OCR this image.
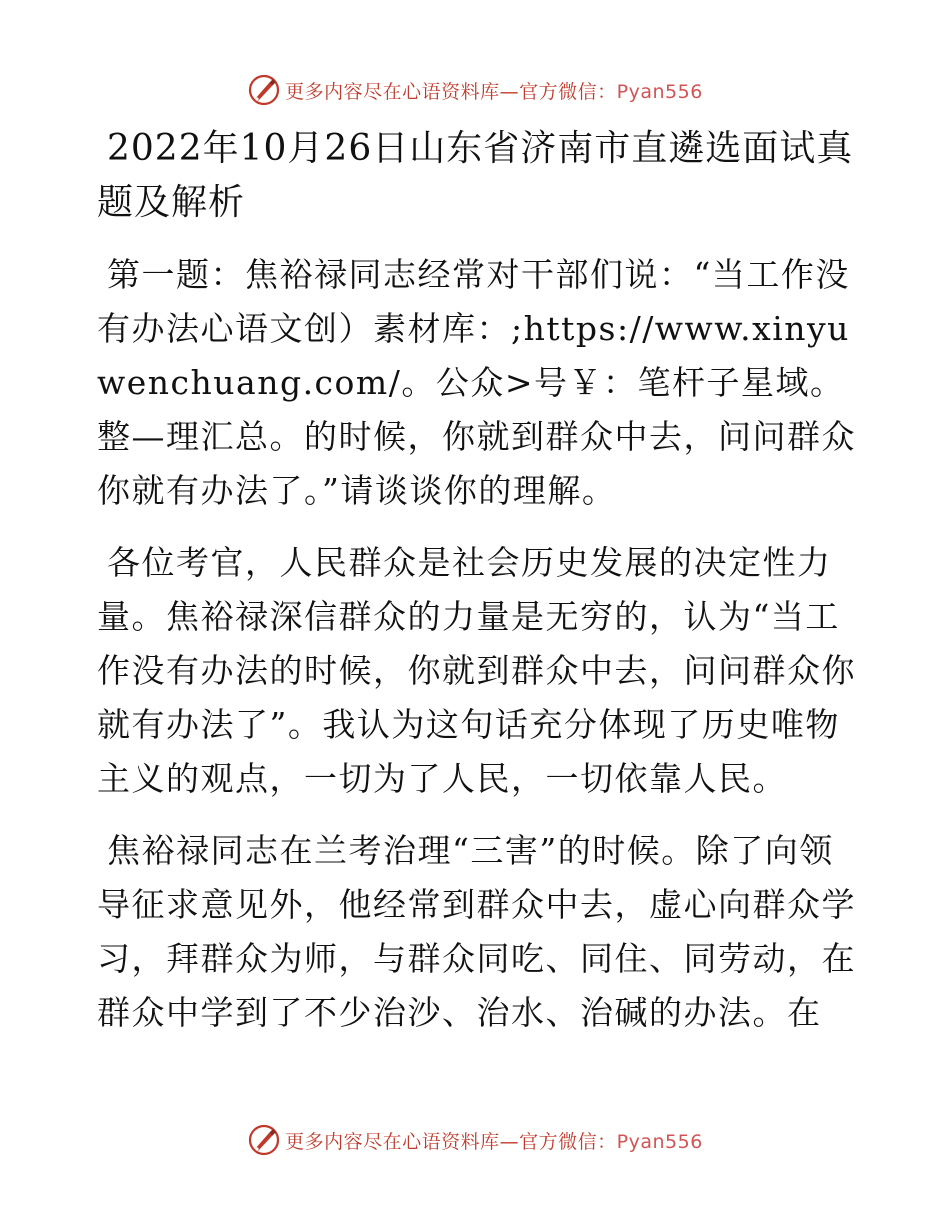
更多内容尽在心语资料库—官方微信：Pyan556
2022年10月26日山东省济南市直遴选面试真题及解析

第一题：焦裕禄同志经常对干部们说：“当工作没有办法心语文创）素材库：;https://www.xinyuwenchuang.com/。公众>号￥：笔杆子星域。整—理汇总。的时候，你就到群众中去，问问群众你就有办法了。”请谈谈你的理解。

各位考官，人民群众是社会历史发展的决定性力量。焦裕禄深信群众的力量是无穷的，认为“当工作没有办法的时候，你就到群众中去，问问群众你就有办法了”。我认为这句话充分体现了历史唯物主义的观点，一切为了人民，一切依靠人民。

焦裕禄同志在兰考治理“三害”的时候。除了向领导征求意见外，他经常到群众中去，虚心向群众学习，拜群众为师，与群众同吃、同住、同劳动，在群众中学到了不少治沙、治水、治碱的办法。在

更多内容尽在心语资料库—官方微信：Pyan556
